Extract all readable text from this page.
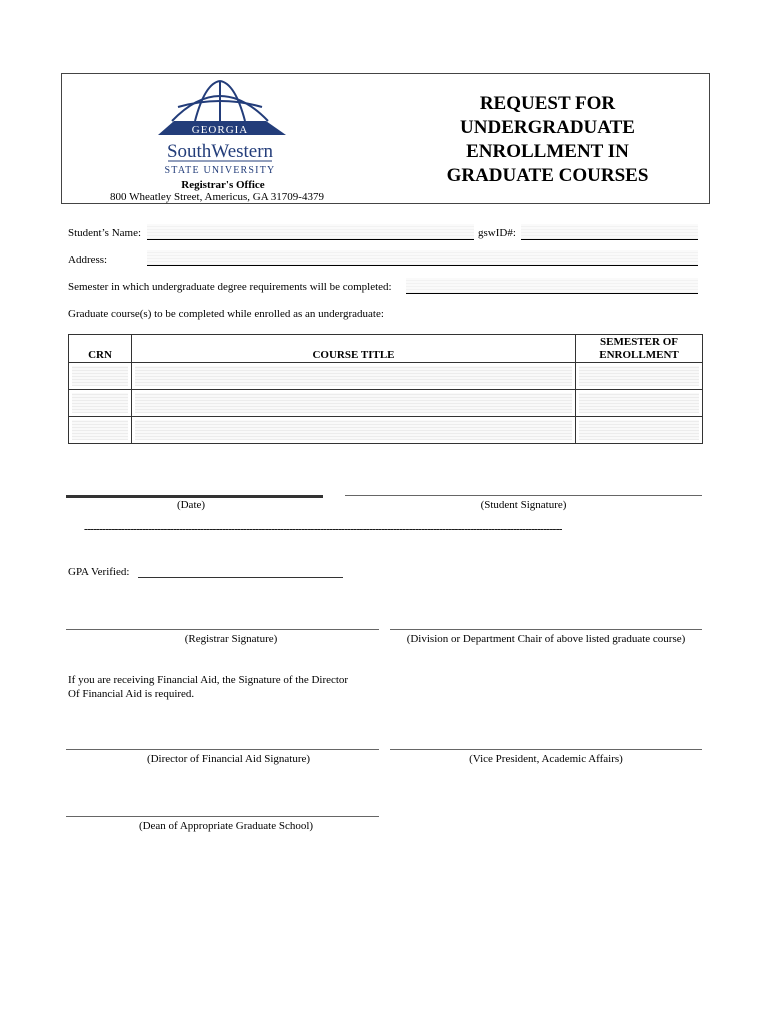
GEORGIA
SouthWestern
STATE UNIVERSITY
REQUEST FOR
UNDERGRADUATE
ENROLLMENT IN
GRADUATE COURSES
Registrar's Office
800 Wheatley Street, Americus, GA 31709-4379
Student’s Name:	gswID#:
Address:
Semester in which undergraduate degree requirements will be completed:
Graduate course(s) to be completed while enrolled as an undergraduate:
CRN	COURSE TITLE	SEMESTER OF ENROLLMENT

(Date)	(Student Signature)
------------------------------------------------------------------------------------------------------------------------------------------------------------
GPA Verified:
(Registrar Signature)	(Division or Department Chair of above listed graduate course)
If you are receiving Financial Aid, the Signature of the Director
Of Financial Aid is required.
(Director of Financial Aid Signature)	(Vice President, Academic Affairs)
(Dean of Appropriate Graduate School)
